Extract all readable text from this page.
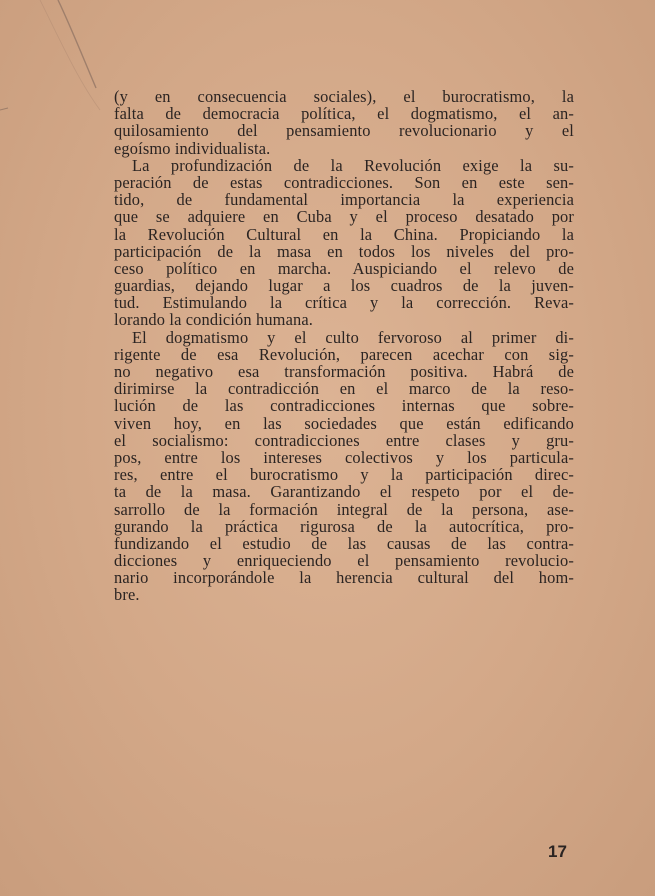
(y en consecuencia sociales), el burocratismo, la
falta de democracia política, el dogmatismo, el an-
quilosamiento del pensamiento revolucionario y el
egoísmo individualista.
La profundización de la Revolución exige la su-
peración de estas contradicciones. Son en este sen-
tido, de fundamental importancia la experiencia
que se adquiere en Cuba y el proceso desatado por
la Revolución Cultural en la China. Propiciando la
participación de la masa en todos los niveles del pro-
ceso político en marcha. Auspiciando el relevo de
guardias, dejando lugar a los cuadros de la juven-
tud. Estimulando la crítica y la corrección. Reva-
lorando la condición humana.
El dogmatismo y el culto fervoroso al primer di-
rigente de esa Revolución, parecen acechar con sig-
no negativo esa transformación positiva. Habrá de
dirimirse la contradicción en el marco de la reso-
lución de las contradicciones internas que sobre-
viven hoy, en las sociedades que están edificando
el socialismo: contradicciones entre clases y gru-
pos, entre los intereses colectivos y los particula-
res, entre el burocratismo y la participación direc-
ta de la masa. Garantizando el respeto por el de-
sarrollo de la formación integral de la persona, ase-
gurando la práctica rigurosa de la autocrítica, pro-
fundizando el estudio de las causas de las contra-
dicciones y enriqueciendo el pensamiento revolucio-
nario incorporándole la herencia cultural del hom-
bre.
17
